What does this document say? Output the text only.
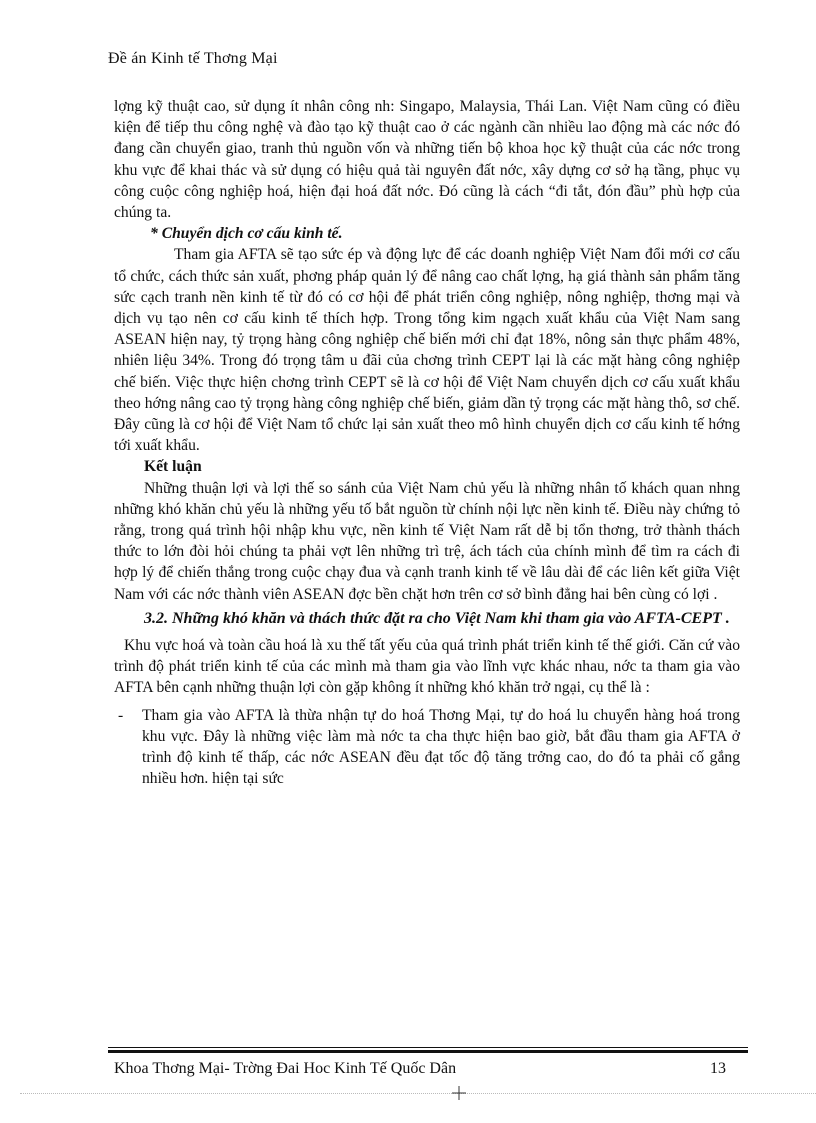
Đề án Kinh tế Thơng Mại

lợng kỹ thuật cao, sử dụng ít nhân công nh: Singapo, Malaysia, Thái Lan. Việt Nam cũng có điều kiện để tiếp thu công nghệ và đào tạo kỹ thuật cao ở các ngành cần nhiều lao động mà các nớc đó đang cần chuyển giao, tranh thủ nguồn vốn và những tiến bộ khoa học kỹ thuật của các nớc trong khu vực để khai thác và sử dụng có hiệu quả tài nguyên đất nớc, xây dựng cơ sở hạ tầng, phục vụ công cuộc công nghiệp hoá, hiện đại hoá đất nớc. Đó cũng là cách “đi tắt, đón đầu” phù hợp của chúng ta.

* Chuyển dịch cơ cấu kinh tế.

Tham gia AFTA sẽ tạo sức ép và động lực để các doanh nghiệp Việt Nam đổi mới cơ cấu tổ chức, cách thức sản xuất, phơng pháp quản lý để nâng cao chất lợng, hạ giá thành sản phẩm tăng sức cạch tranh nền kinh tế từ đó có cơ hội để phát triển công nghiệp, nông nghiệp, thơng mại và dịch vụ tạo nên cơ cấu kinh tế thích hợp. Trong tổng kim ngạch xuất khẩu của Việt Nam sang ASEAN hiện nay, tỷ trọng hàng công nghiệp chế biến mới chỉ đạt 18%, nông sản thực phẩm 48%, nhiên liệu 34%. Trong đó trọng tâm u đãi của chơng trình CEPT lại là các mặt hàng công nghiệp chế biến. Việc thực hiện chơng trình CEPT sẽ là cơ hội để Việt Nam chuyển dịch cơ cấu xuất khẩu theo hớng nâng cao tỷ trọng hàng công nghiệp chế biến, giảm dần tỷ trọng các mặt hàng thô, sơ chế. Đây cũng là cơ hội để Việt Nam tổ chức lại sản xuất theo mô hình chuyển dịch cơ cấu kinh tế hớng tới xuất khẩu.

Kết luận

Những thuận lợi và lợi thế so sánh của Việt Nam chủ yếu là những nhân tố khách quan nhng những khó khăn chủ yếu là những yếu tố bắt nguồn từ chính nội lực nền kinh tế. Điều này chứng tỏ rằng, trong quá trình hội nhập khu vực, nền kinh tế Việt Nam rất dễ bị tổn thơng, trở thành thách thức to lớn đòi hỏi chúng ta phải vợt lên những trì trệ, ách tách của chính mình để tìm ra cách đi hợp lý để chiến thắng trong cuộc chạy đua và cạnh tranh kinh tế về lâu dài để các liên kết giữa Việt Nam với các nớc thành viên ASEAN đợc bền chặt hơn trên cơ sở bình đẳng hai bên cùng có lợi .

3.2. Những khó khăn và thách thức đặt ra cho Việt Nam khi tham gia vào AFTA-CEPT .

Khu vực hoá và toàn cầu hoá là xu thế tất yếu của quá trình phát triển kinh tế thế giới. Căn cứ vào trình độ phát triển kinh tế của các mình mà tham gia vào lĩnh vực khác nhau, nớc ta tham gia vào AFTA bên cạnh những thuận lợi còn gặp không ít những khó khăn trở ngại, cụ thể là :

-	Tham gia vào AFTA là thừa nhận tự do hoá Thơng Mại, tự do hoá lu chuyển hàng hoá trong khu vực. Đây là những việc làm mà nớc ta cha thực hiện bao giờ, bắt đầu tham gia AFTA ở trình độ kinh tế thấp, các nớc ASEAN đều đạt tốc độ tăng trởng cao, do đó ta phải cố gắng nhiều hơn. hiện tại sức
Khoa Thơng Mại- Trờng Đai Hoc Kinh Tế Quốc Dân	13
